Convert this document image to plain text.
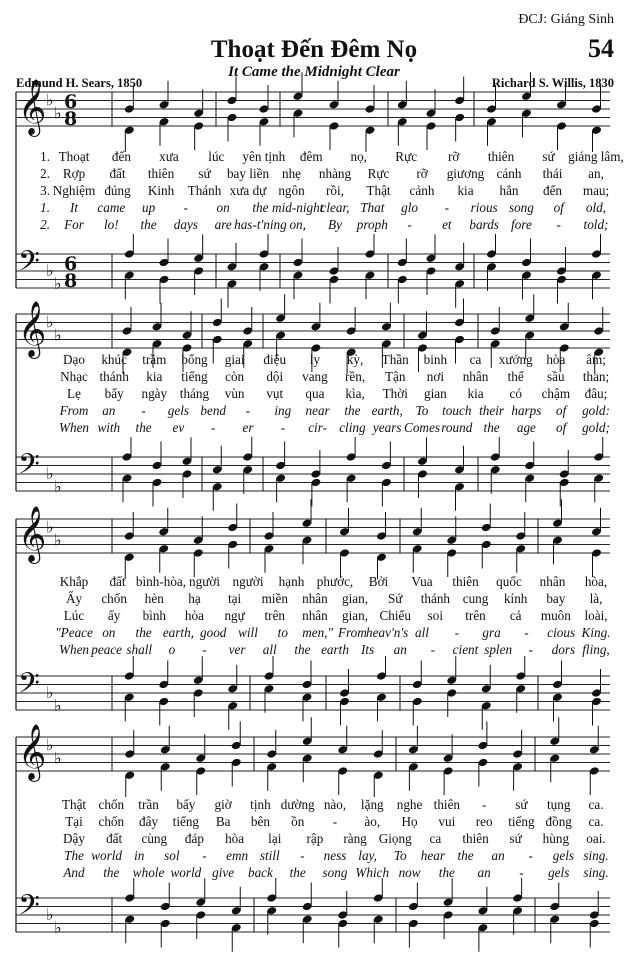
ĐCJ: Giáng Sinh
54
Thoạt Đến Đêm Nọ
It Came the Midnight Clear
Edmund H. Sears, 1850	Richard S. Willis, 1830
𝄞 ♭
♭ 6
8
𝄢 ♭
♭
6
8
1. Thoạt đến xưa lúc yên tịnh đêm nọ, Rực rỡ thiên sứ giáng lâm,
2. Rợp đất thiên sứ bay liền nhẹ nhàng Rực rỡ giương cánh thái an,
3. Nghiệm đúng Kinh Thánh xưa dự ngôn rồi, Thật cảnh kia hẳn đến mau;
1. It came up - on the mid-night
clear, That glo - rious song of old,
2. For lo! the days are has-t'ning on, By proph - et bards fore - told;
𝄞 ♭
♭
𝄢 ♭
♭
Dạo khúc trầm bổng giai điệu ly kỳ, Thần binh ca xướng hòa âm;
Nhạc thánh kia tiếng còn dội vang rền, Tận nơi nhân thế sầu than;
Lẹ bẩy ngày tháng vùn vụt qua kìa, Thời gian kia có chậm đâu;
From an - gels bend - ing near the earth, To touch their harps of gold:
When with the ev - er - cir- cling years Comes round the age of gold;
𝄞 ♭
♭
𝄢 ♭
♭
Khắp đất bình-hòa, người người hạnh phước, Bởi Vua thiên quốc nhân hòa,
Ấy chốn hèn hạ tại miền nhân gian, Sứ thánh cung kính bay là,
Lúc ấy bình hòa ngự trên nhân gian, Chiếu soi trên cả muôn loài,
"Peace on the earth, good will to men," From heav'n's all - gra - cious King.
When peace shall o - ver all the earth Its an - cient splen - dors fling,
𝄞 ♭
♭
𝄢 ♭
♭
Thật chốn trần bấy giờ tịnh dường nào, lặng nghe thiên - sứ tụng ca.
Tại chốn đây tiếng Ba bên ồn - ào, Họ vui reo tiếng đồng ca.
Dậy đất cùng đáp hòa lại rập ràng Giọng ca thiên sứ hùng oai.
The world in sol - emn still - ness lay, To hear the an - gels sing.
And the whole world give back the song Which now the an - gels sing.
